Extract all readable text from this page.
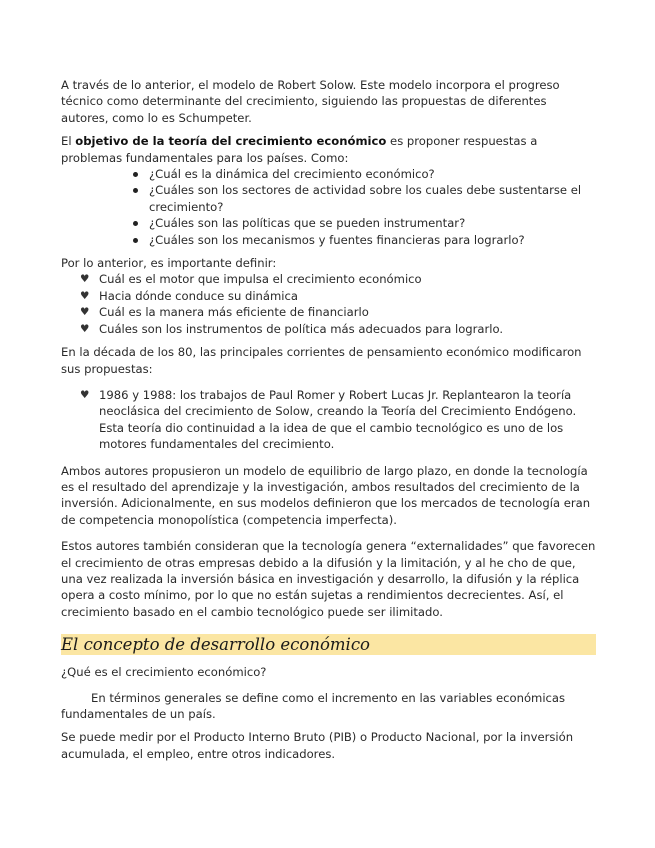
A través de lo anterior, el modelo de Robert Solow. Este modelo incorpora el progreso técnico como determinante del crecimiento, siguiendo las propuestas de diferentes autores, como lo es Schumpeter.

El objetivo de la teoría del crecimiento económico es proponer respuestas a problemas fundamentales para los países. Como:

¿Cuál es la dinámica del crecimiento económico?
¿Cuáles son los sectores de actividad sobre los cuales debe sustentarse el crecimiento?
¿Cuáles son las políticas que se pueden instrumentar?
¿Cuáles son los mecanismos y fuentes financieras para lograrlo?

Por lo anterior, es importante definir:

♥ Cuál es el motor que impulsa el crecimiento económico
♥ Hacia dónde conduce su dinámica
♥ Cuál es la manera más eficiente de financiarlo
♥ Cuáles son los instrumentos de política más adecuados para lograrlo.

En la década de los 80, las principales corrientes de pensamiento económico modificaron sus propuestas:

♥ 1986 y 1988: los trabajos de Paul Romer y Robert Lucas Jr. Replantearon la teoría neoclásica del crecimiento de Solow, creando la Teoría del Crecimiento Endógeno. Esta teoría dio continuidad a la idea de que el cambio tecnológico es uno de los motores fundamentales del crecimiento.

Ambos autores propusieron un modelo de equilibrio de largo plazo, en donde la tecnología es el resultado del aprendizaje y la investigación, ambos resultados del crecimiento de la inversión. Adicionalmente, en sus modelos definieron que los mercados de tecnología eran de competencia monopolística (competencia imperfecta).

Estos autores también consideran que la tecnología genera “externalidades” que favorecen el crecimiento de otras empresas debido a la difusión y la limitación, y al he cho de que, una vez realizada la inversión básica en investigación y desarrollo, la difusión y la réplica opera a costo mínimo, por lo que no están sujetas a rendimientos decrecientes. Así, el crecimiento basado en el cambio tecnológico puede ser ilimitado.

El concepto de desarrollo económico

¿Qué es el crecimiento económico?

En términos generales se define como el incremento en las variables económicas fundamentales de un país.

Se puede medir por el Producto Interno Bruto (PIB) o Producto Nacional, por la inversión acumulada, el empleo, entre otros indicadores.
